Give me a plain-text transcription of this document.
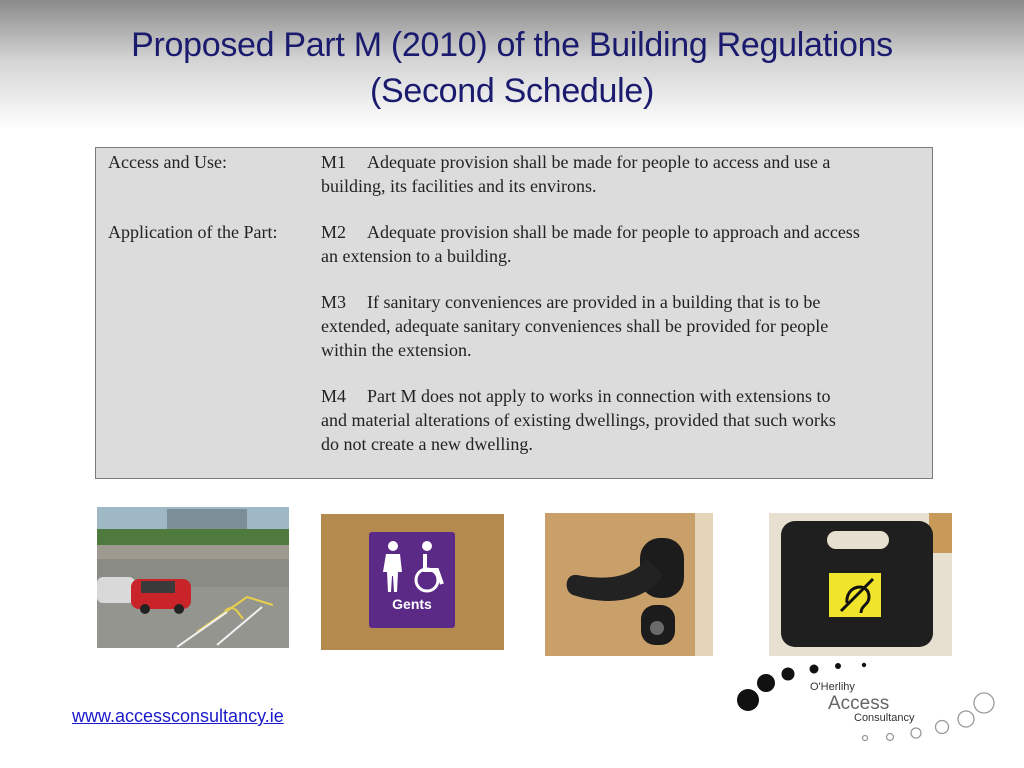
Proposed Part M (2010) of the Building Regulations
(Second Schedule)
Access and Use:	M1 Adequate provision shall be made for people to access and use a
building, its facilities and its environs.
Application of the Part:	M2 Adequate provision shall be made for people to approach and access
an extension to a building.
M3 If sanitary conveniences are provided in a building that is to be
extended, adequate sanitary conveniences shall be provided for people
within the extension.
M4 Part M does not apply to works in connection with extensions to
and material alterations of existing dwellings, provided that such works
do not create a new dwelling.
Gents
www.accessconsultancy.ie
O'Herlihy
Access
Consultancy
